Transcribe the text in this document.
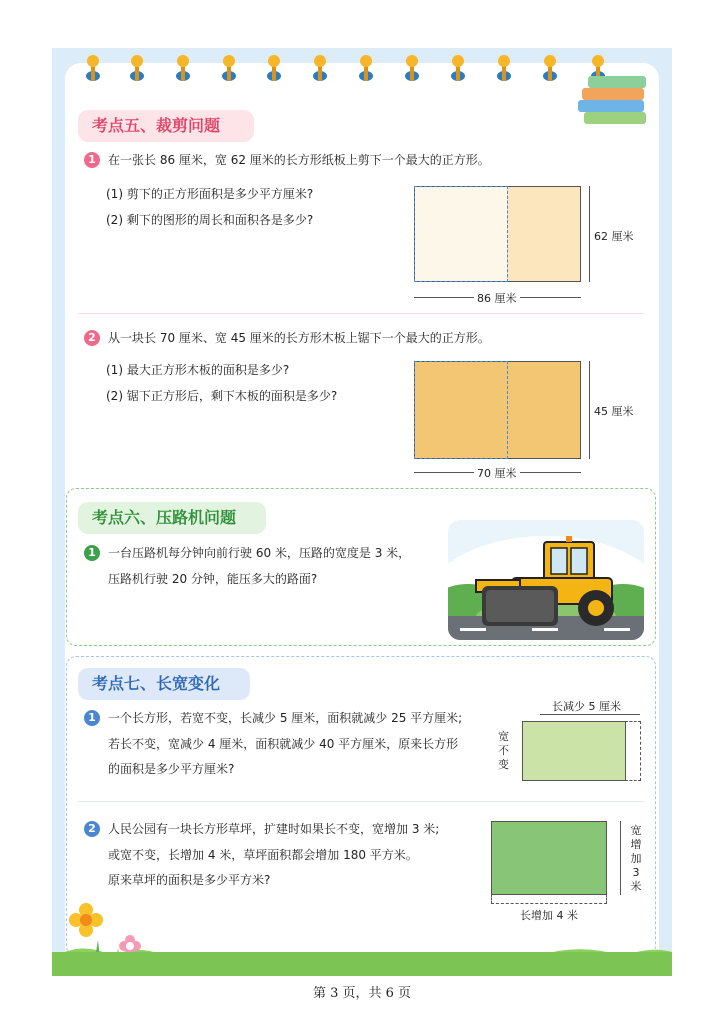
考点五、裁剪问题
1	在一张长 86 厘米，宽 62 厘米的长方形纸板上剪下一个最大的正方形。
(1) 剪下的正方形面积是多少平方厘米?
(2) 剩下的图形的周长和面积各是多少?
62 厘米
86 厘米
2	从一块长 70 厘米、宽 45 厘米的长方形木板上锯下一个最大的正方形。
(1) 最大正方形木板的面积是多少?
(2) 锯下正方形后，剩下木板的面积是多少?
45 厘米
70 厘米
考点六、压路机问题
1	一台压路机每分钟向前行驶 60 米，压路的宽度是 3 米，
压路机行驶 20 分钟，能压多大的路面?
考点七、长宽变化
1	一个长方形，若宽不变，长减少 5 厘米，面积就减少 25 平方厘米;
若长不变，宽减少 4 厘米，面积就减少 40 平方厘米，原来长方形
的面积是多少平方厘米?
长减少 5 厘米
宽
不
变
2	人民公园有一块长方形草坪，扩建时如果长不变，宽增加 3 米;
或宽不变，长增加 4 米，草坪面积都会增加 180 平方米。
原来草坪的面积是多少平方米?
宽
增
加
3
米
长增加 4 米
第 3 页，共 6 页
